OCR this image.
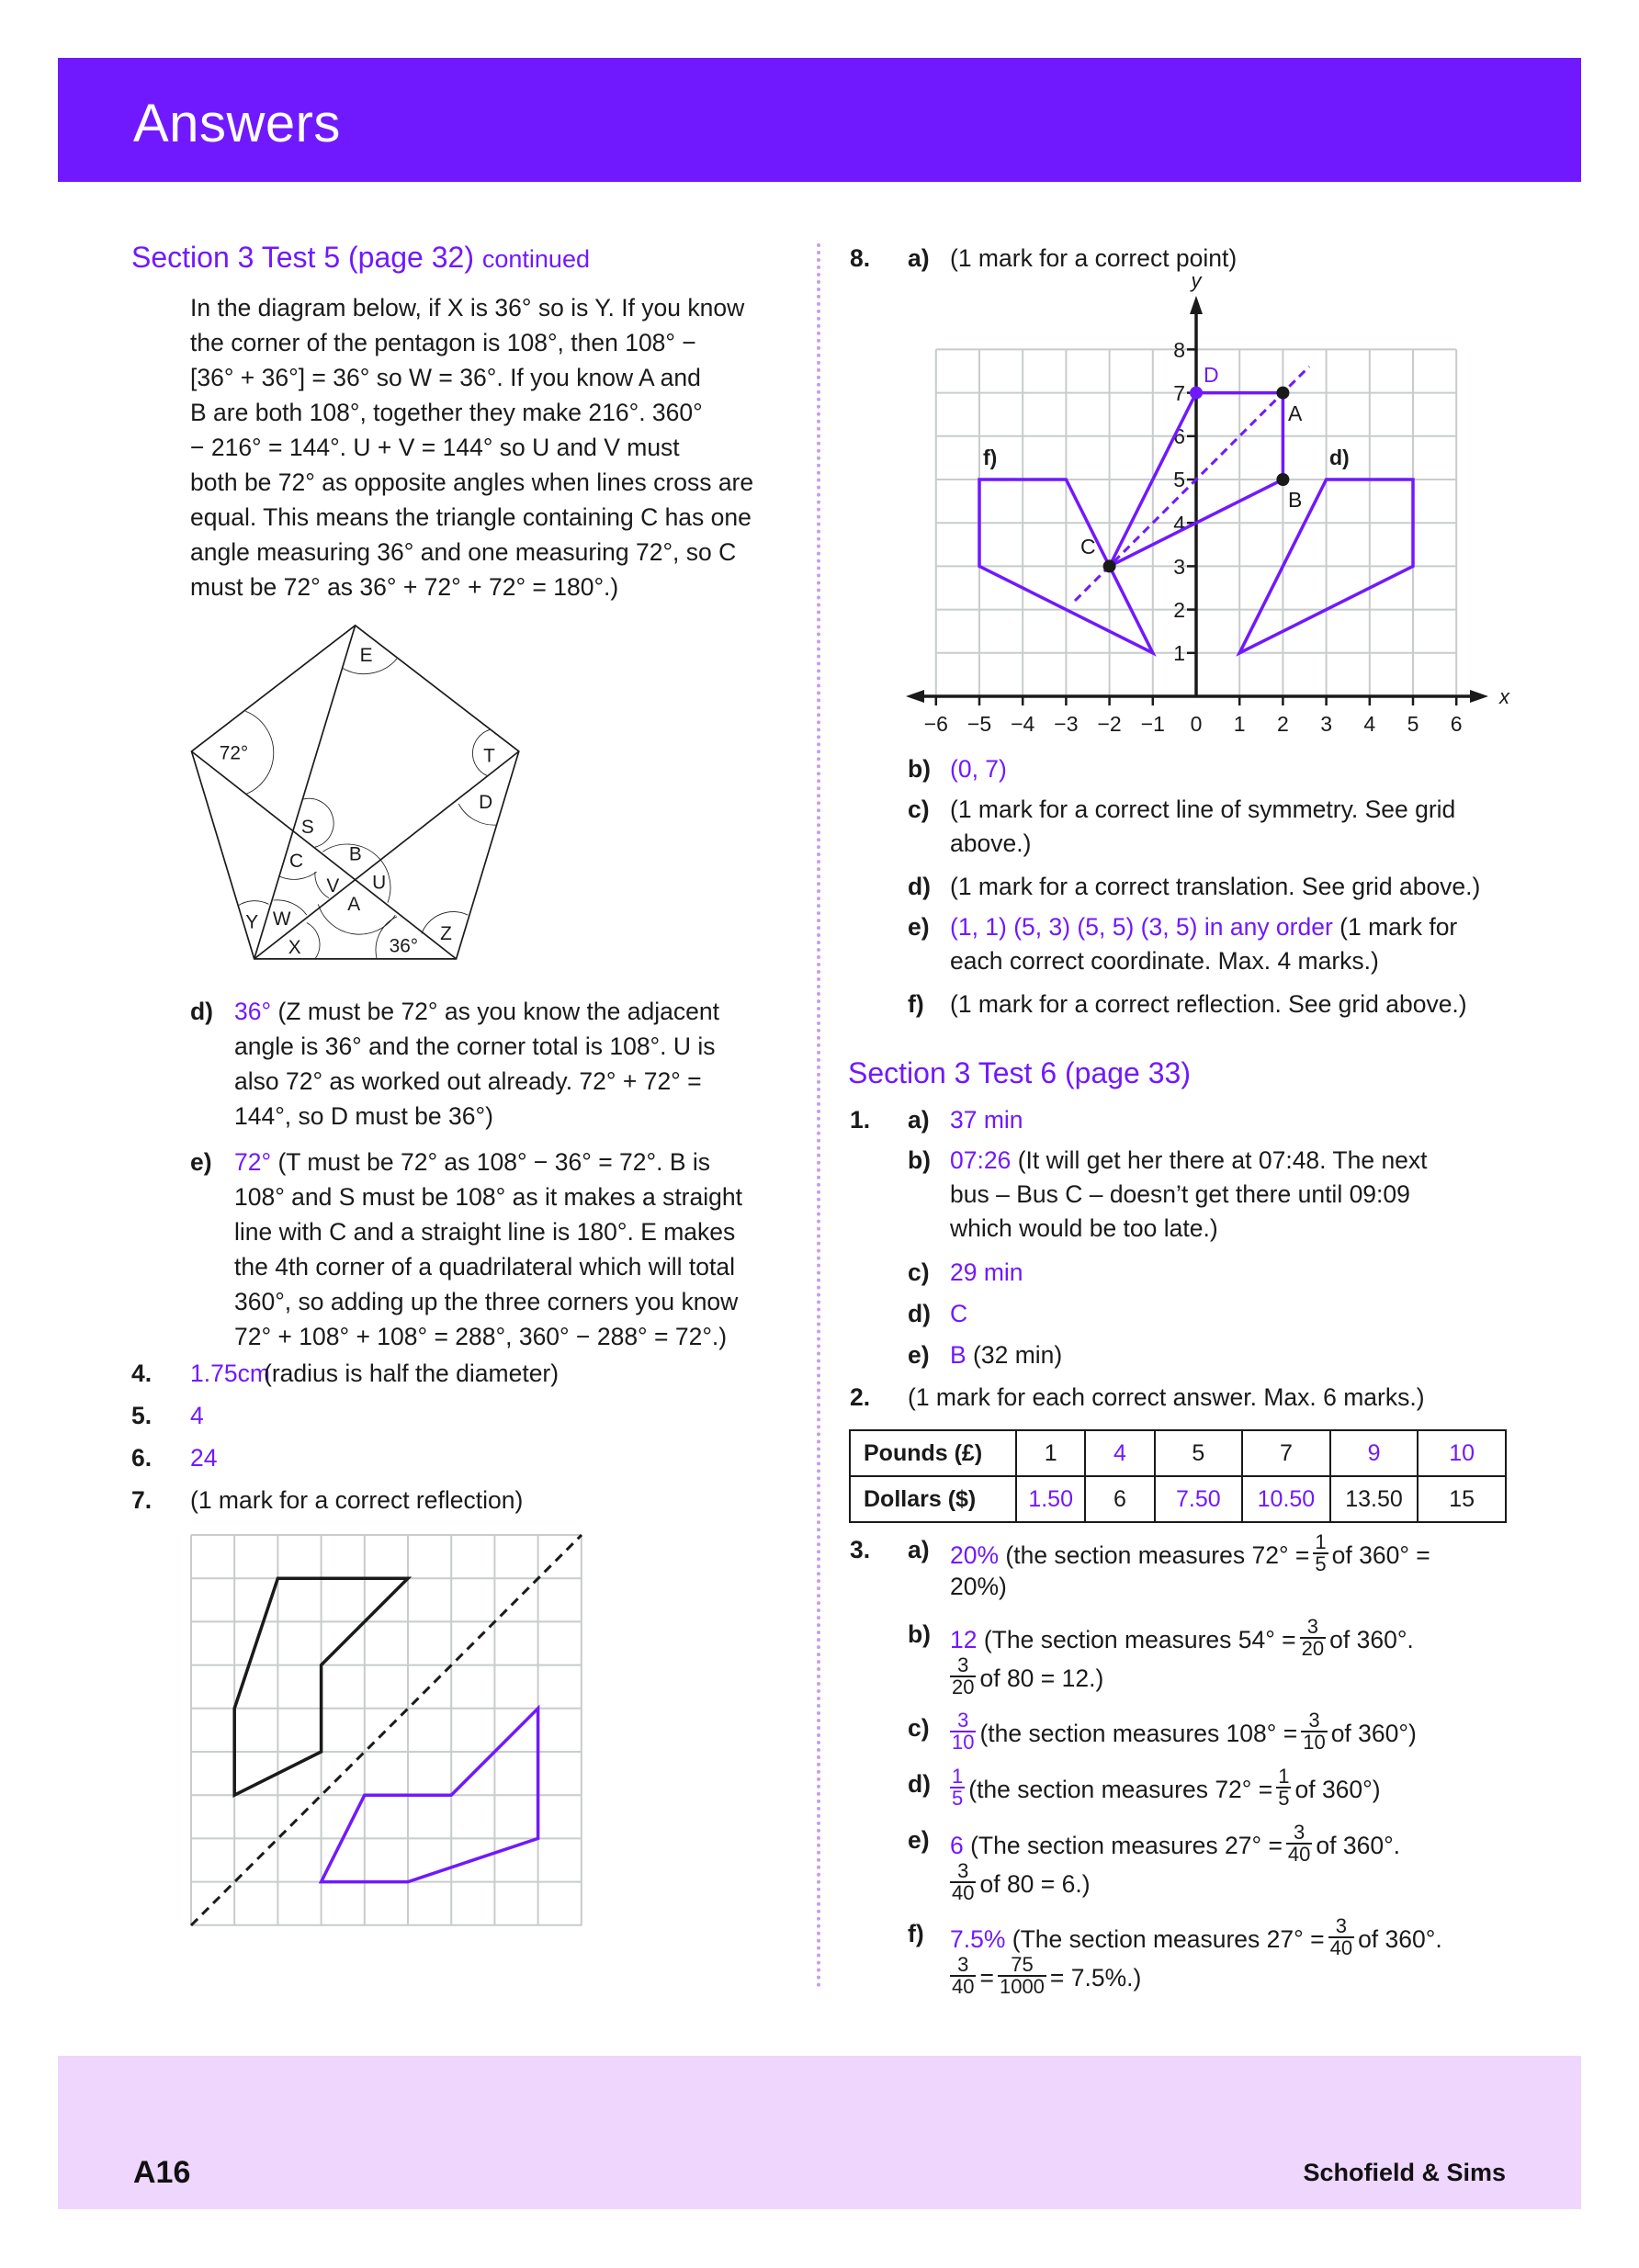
Answers
Section 3 Test 5 (page 32) continued
In the diagram below, if X is 36° so is Y. If you know
the corner of the pentagon is 108°, then 108° −
[36° + 36°] = 36° so W = 36°. If you know A and
B are both 108°, together they make 216°. 360°
− 216° = 144°. U + V = 144° so U and V must
both be 72° as opposite angles when lines cross are
equal. This means the triangle containing C has one
angle measuring 36° and one measuring 72°, so C
must be 72° as 36° + 72° + 72° = 180°.)
E
72°	T
D
S
B
C
V U
A
Y W
X 36°
Z
d) 36° (Z must be 72° as you know the adjacent
angle is 36° and the corner total is 108°. U is
also 72° as worked out already. 72° + 72° =
144°, so D must be 36°)
e) 72° (T must be 72° as 108° − 36° = 72°. B is
108° and S must be 108° as it makes a straight
line with C and a straight line is 180°. E makes
the 4th corner of a quadrilateral which will total
360°, so adding up the three corners you know
72° + 108° + 108° = 288°, 360° − 288° = 72°.)
4. 1.75cm
(radius is half the diameter)
5. 4
6. 24
7. (1 mark for a correct reflection)
8. a) (1 mark for a correct point)
−6 −5 −4 −3 −2 −1 0 1 2 3 4 5 6
1
2
3
4
5
6
7
8
x
y
A
B
C
D
d)
f)
b) (0, 7)
c) (1 mark for a correct line of symmetry. See grid
above.)
d) (1 mark for a correct translation. See grid above.)
e) (1, 1) (5, 3) (5, 5) (3, 5) in any order (1 mark for
each correct coordinate. Max. 4 marks.)
f) (1 mark for a correct reflection. See grid above.)
Section 3 Test 6 (page 33)
1. a) 37 min
b) 07:26 (It will get her there at 07:48. The next
bus – Bus C – doesn’t get there until 09:09
which would be too late.)
c) 29 min
d) C
e) B (32 min)
2. (1 mark for each correct answer. Max. 6 marks.)
Pounds (£)	1	4	5	7	9	10
Dollars ($)	1.50	6	7.50	10.50	13.50	15
3. a) 20% (the section measures $72^\circ = \frac{1}{5}$ of 360° =
20%)
b) 12 (The section measures $54^\circ = \frac{3}{20}$ of 360°.
$\frac{3}{20}$ of 80 = 12.)
$c) \frac{3}{10} (the$ section measures $108^\circ = \frac{3}{10}$ of 360°)
$d) \frac{1}{5} (the$ section measures $72^\circ = \frac{1}{5}$ of 360°)
e) 6 (The section measures $27^\circ = \frac{3}{40}$ of 360°.
$\frac{3}{40}$ of 80 = 6.)
f) 7.5% (The section measures $27^\circ = \frac{3}{40}$ of 360°.
$\frac{3}{40} = \frac{75}{1000} = 7.5\%$.)
A16	Schofield & Sims
